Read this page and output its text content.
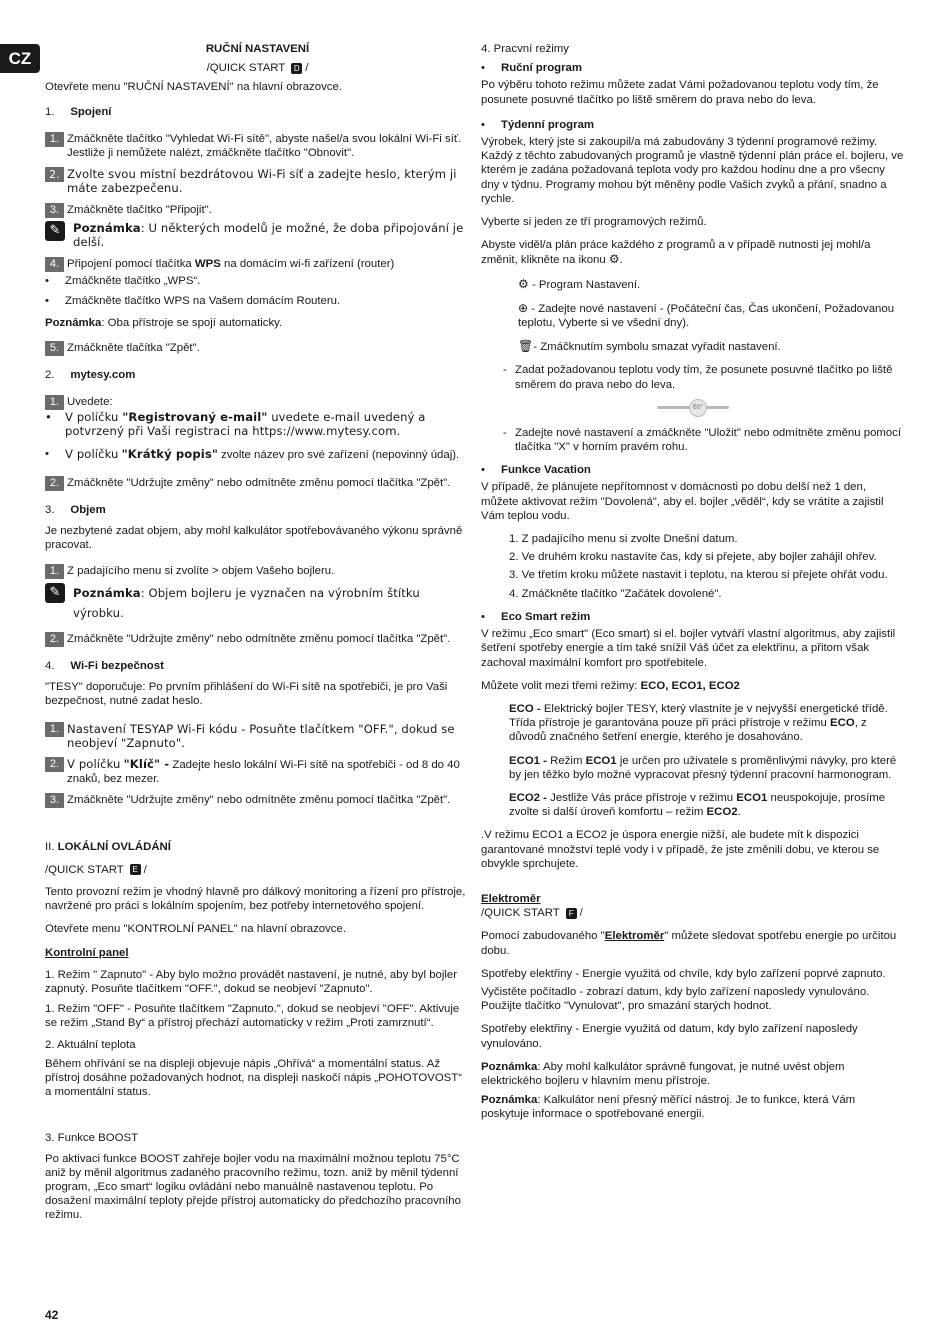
CZ	RUČNÍ NASTAVENÍ

/QUICK START D /

Otevřete menu "RUČNÍ NASTAVENÍ" na hlavní obrazovce.

1. Spojení

1. Zmáčkněte tlačítko "Vyhledat Wi-Fi sítě", abyste našel/a svou lokální Wi-Fi síť. Jestliže ji nemůžete nalézt, zmáčkněte tlačítko "Obnovit".
2. Zvolte svou místní bezdrátovou Wi-Fi síť a zadejte heslo, kterým ji máte zabezpečenu.
3. Zmáčkněte tlačítko "Připojit".
✎	Poznámka: U některých modelů je možné, že doba připojování je delší.
4. Připojení pomocí tlačítka WPS na domácím wi-fi zařízení (router)
•	Zmáčkněte tlačítko „WPS“.
•	Zmáčkněte tlačítko WPS na Vašem domácím Routeru.

Poznámka: Oba přístroje se spojí automaticky.

5. Zmáčkněte tlačítka "Zpět".

2. mytesy.com

1. Uvedete:
•	V políčku "Registrovaný e-mail" uvedete e-mail uvedený a potvrzený při Vaši registraci na https://www.mytesy.com.
•	V políčku "Krátký popis" zvolte název pro své zařízení (nepovinný údaj).
2. Zmáčkněte "Udržujte změny" nebo odmítněte změnu pomocí tlačítka "Zpět".

3. Objem

Je nezbytené zadat objem, aby mohl kalkulátor spotřebovávaného výkonu správně pracovat.

1. Z padajícího menu si zvolíte > objem Vašeho bojleru.
✎	Poznámka: Objem bojleru je vyznačen na výrobním štítku výrobku.
2. Zmáčkněte "Udržujte změny" nebo odmítněte změnu pomocí tlačítka "Zpět".

4. Wi-Fi bezpečnost

"TESY" doporučuje: Po prvním přihlášení do Wi-Fi sítě na spotřebiči, je pro Vaši bezpečnost, nutné zadat heslo.

1. Nastavení TESYAP Wi-Fi kódu - Posuňte tlačítkem "OFF.", dokud se neobjeví "Zapnuto".
2. V políčku "Klíč" - Zadejte heslo lokální Wi-Fi sítě na spotřebiči - od 8 do 40 znaků, bez mezer.
3. Zmáčkněte "Udržujte změny" nebo odmítněte změnu pomocí tlačítka "Zpět".

II. LOKÁLNÍ OVLÁDÁNÍ

/QUICK START E /

Tento provozní režim je vhodný hlavně pro dálkový monitoring a řízení pro přístroje, navržené pro práci s lokálním spojením, bez potřeby internetového spojení.

Otevřete menu "KONTROLNÍ PANEL" na hlavní obrazovce.

Kontrolní panel

1. Režim " Zapnuto" - Aby bylo možno provádět nastavení, je nutné, aby byl bojler zapnutý. Posuňte tlačítkem "OFF.", dokud se neobjeví "Zapnuto".

1. Režim "OFF" - Posuňte tlačítkem "Zapnuto.", dokud se neobjeví "OFF". Aktivuje se režim „Stand By“ a přístroj přechází automaticky v režim „Proti zamrznutí“.

2. Aktuální teplota

Během ohřívání se na displeji objevuje nápis „Ohřívá“ a momentální status. Až přístroj dosáhne požadovaných hodnot, na displeji naskočí nápis „POHOTOVOST“ a momentální status.

3. Funkce BOOST

Po aktivaci funkce BOOST zahřeje bojler vodu na maximální možnou teplotu 75°C aniž by měnil algoritmus zadaného pracovního režimu, tozn. aniž by měnil týdenní program, „Eco smart“ logiku ovládání nebo manuálně nastavenou teplotu. Po dosažení maximální teploty přejde přístroj automaticky do předchozího pracovního režimu.

4. Pracvní režimy

•	Ruční program

Po výběru tohoto režimu můžete zadat Vámi požadovanou teplotu vody tím, že posunete posuvné tlačítko po liště směrem do prava nebo do leva.

•	Týdenní program

Výrobek, který jste si zakoupil/a má zabudovány 3 týdenní programové režimy. Každý z těchto zabudovaných programů je vlastně týdenní plán práce el. bojleru, ve kterém je zadána požadovaná teplota vody pro každou hodinu dne a pro všecny dny v týdnu. Programy mohou být měněny podle Vašich zvyků a přání, snadno a rychle.

Vyberte si jeden ze tří programových režimů.

Abyste viděl/a plán práce každého z programů a v případě nutnosti jej mohl/a změnit, klikněte na ikonu ⚙.

⚙ - Program Nastavení.

⊕ - Zadejte nové nastavení - (Počáteční čas, Čas ukončení, Požadovanou teplotu, Vyberte si ve všední dny).

🗑- Zmáčknutím symbolu smazat vyřadit nastavení.

- Zadat požadovanou teplotu vody tím, že posunete posuvné tlačítko po liště směrem do prava nebo do leva.
60°
- Zadejte nové nastavení a zmáčkněte "Uložit" nebo odmítněte změnu pomocí tlačítka "X" v horním pravém rohu.
•	Funkce Vacation

V případě, že plánujete nepřítomnost v domácnosti po dobu delší než 1 den, můžete aktivovat režim "Dovolená", aby el. bojler „věděl“, kdy se vrátíte a zajistil Vám teplou vodu.

1. Z padajícího menu si zvolte Dnešní datum.

2. Ve druhém kroku nastavíte čas, kdy si přejete, aby bojler zahájil ohřev.

3. Ve třetím kroku můžete nastavit i teplotu, na kterou si přejete ohřát vodu.

4. Zmáčkněte tlačítko "Začátek dovolené".

•	Eco Smart režim

V režimu „Eco smart" (Eco smart) si el. bojler vytváří vlastní algoritmus, aby zajistil šetření spotřeby energie a tím také snížil Váš účet za elektřinu, a přitom však zachoval maximální komfort pro spotřebitele.

Můžete volit mezi třemi režimy: ECO, ECO1, ECO2

ECO - Elektrický bojler TESY, který vlastníte je v nejvyšší energetické třídě. Třída přístroje je garantována pouze při práci přístroje v režimu ECO, z důvodů značného šetření energie, kterého je dosahováno.

ECO1 - Režim ECO1 je určen pro uživatele s proměnlivými návyky, pro které by jen těžko bylo možné vypracovat přesný týdenní pracovní harmonogram.

ECO2 - Jestliže Vás práce přístroje v režimu ECO1 neuspokojuje, prosíme zvolte si další úroveň komfortu – režim ECO2.

.V režimu ECO1 a ECO2 je úspora energie nižší, ale budete mít k dispozici garantované množství teplé vody i v případě, že jste změnili dobu, ve kterou se obvykle sprchujete.

Elektroměr

/QUICK START F /

Pomocí zabudovaného "Elektroměr" můžete sledovat spotřebu energie po určitou dobu.

Spotřeby elektřiny - Energie využitá od chvíle, kdy bylo zařízení poprvé zapnuto.

Vyčistěte počítadlo - zobrazí datum, kdy bylo zařízení naposledy vynulováno. Použijte tlačítko "Vynulovat", pro smazání starých hodnot.

Spotřeby elektřiny - Energie využitá od datum, kdy bylo zařízení naposledy vynulováno.

Poznámka: Aby mohl kalkulátor správně fungovat, je nutné uvést objem elektrického bojleru v hlavním menu přístroje.

Poznámka: Kalkulátor není přesný měřící nástroj. Je to funkce, která Vám poskytuje informace o spotřebované energii.

42
